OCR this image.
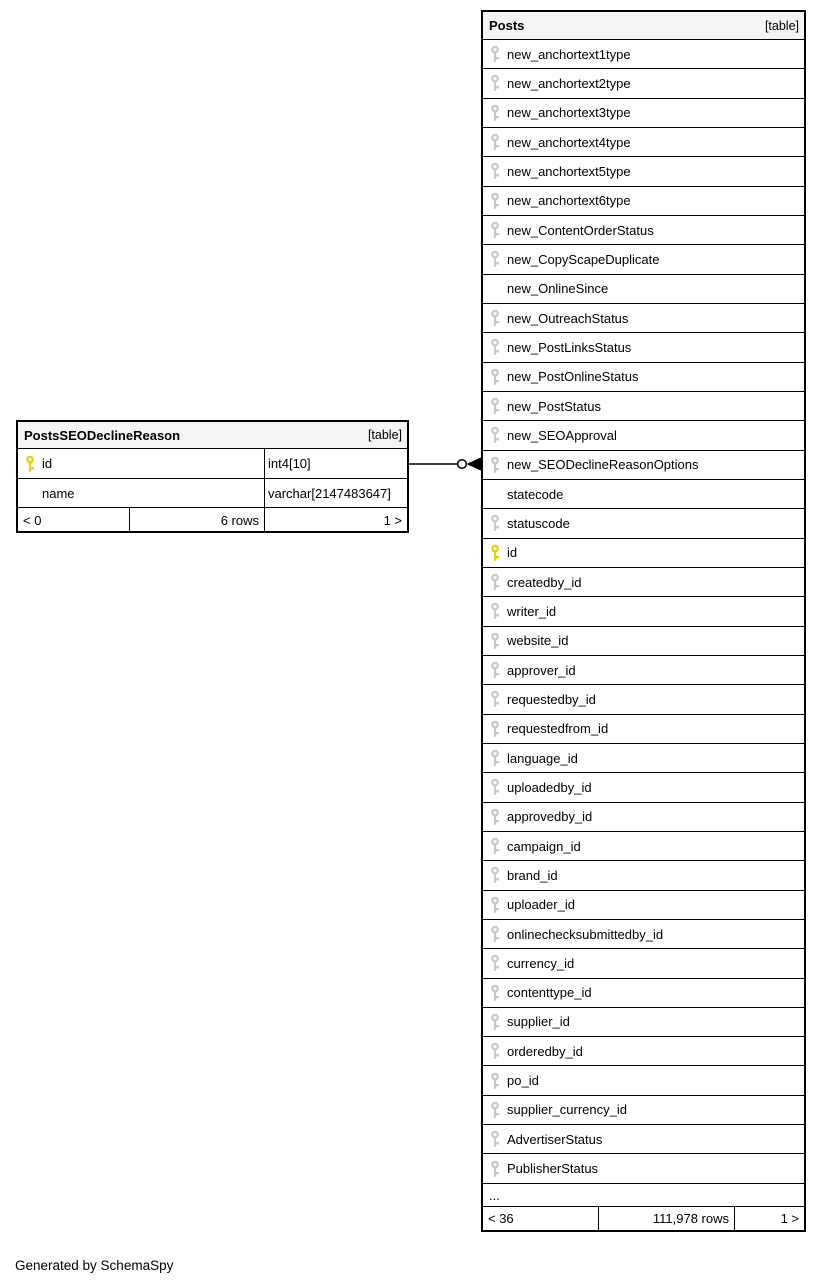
PostsSEODeclineReason	[table]
id	int4[10]
name	varchar[2147483647]
< 0	6 rows	1 >
Posts	[table]
new_anchortext1type
new_anchortext2type
new_anchortext3type
new_anchortext4type
new_anchortext5type
new_anchortext6type
new_ContentOrderStatus
new_CopyScapeDuplicate
new_OnlineSince
new_OutreachStatus
new_PostLinksStatus
new_PostOnlineStatus
new_PostStatus
new_SEOApproval
new_SEODeclineReasonOptions
statecode
statuscode
id
createdby_id
writer_id
website_id
approver_id
requestedby_id
requestedfrom_id
language_id
uploadedby_id
approvedby_id
campaign_id
brand_id
uploader_id
onlinechecksubmittedby_id
currency_id
contenttype_id
supplier_id
orderedby_id
po_id
supplier_currency_id
AdvertiserStatus
PublisherStatus
...
< 36	111,978 rows	1 >
Generated by SchemaSpy
